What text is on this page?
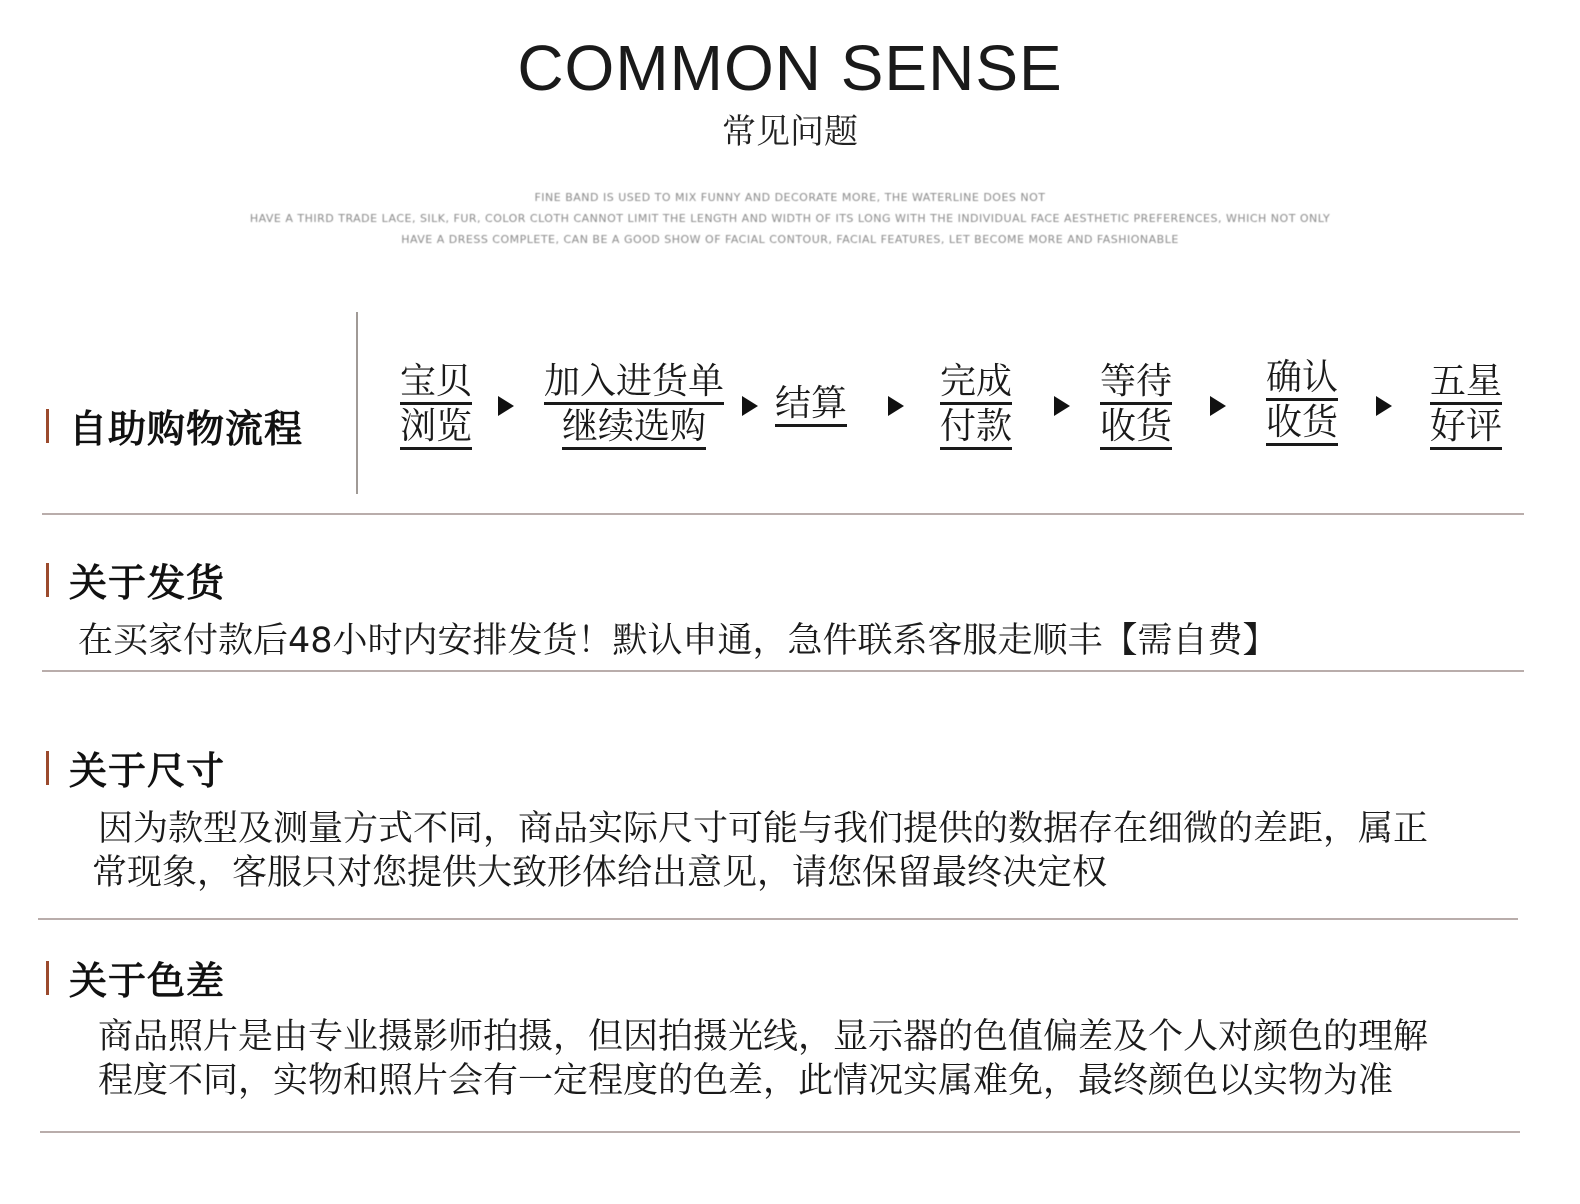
COMMON SENSE
常见问题
FINE BAND IS USED TO MIX FUNNY AND DECORATE MORE, THE WATERLINE DOES NOT
HAVE A THIRD TRADE LACE, SILK, FUR, COLOR CLOTH CANNOT LIMIT THE LENGTH AND WIDTH OF ITS LONG WITH THE INDIVIDUAL FACE AESTHETIC PREFERENCES, WHICH NOT ONLY
HAVE A DRESS COMPLETE, CAN BE A GOOD SHOW OF FACIAL CONTOUR, FACIAL FEATURES, LET BECOME MORE AND FASHIONABLE
自助购物流程
宝贝
浏览
加入进货单
继续选购
结算
完成
付款
等待
收货
确认
收货
五星
好评
关于发货
在买家付款后48小时内安排发货！默认申通，急件联系客服走顺丰【需自费】
关于尺寸
因为款型及测量方式不同，商品实际尺寸可能与我们提供的数据存在细微的差距，属正
常现象，客服只对您提供大致形体给出意见，请您保留最终决定权
关于色差
商品照片是由专业摄影师拍摄，但因拍摄光线，显示器的色值偏差及个人对颜色的理解
程度不同，实物和照片会有一定程度的色差，此情况实属难免，最终颜色以实物为准
